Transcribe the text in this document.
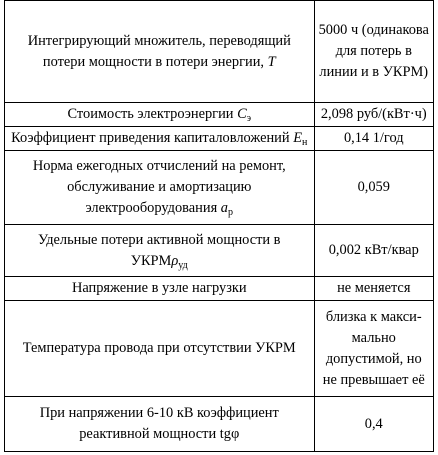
Интегрирующий множитель, переводящий потери мощности в потери энергии, T	5000 ч (одинакова для потерь в линии и в УКРМ)
Стоимость электроэнергии $C_э$	2,098 руб/(кВт·ч)
Коэффициент приведения капиталовложений $E_н$	0,14 1/год
Норма ежегодных отчислений на ремонт, обслуживание и амортизацию электрооборудования $a_р$	0,059
Удельные потери активной мощности в УКРМρ$_{уд}$	0,002 кВт/квар
Напряжение в узле нагрузки	не меняется
Температура провода при отсутствии УКРМ	близка к макси-мально допустимой, но не превышает её
При напряжении 6-10 кВ коэффициент реактивной мощности tgφ	0,4
